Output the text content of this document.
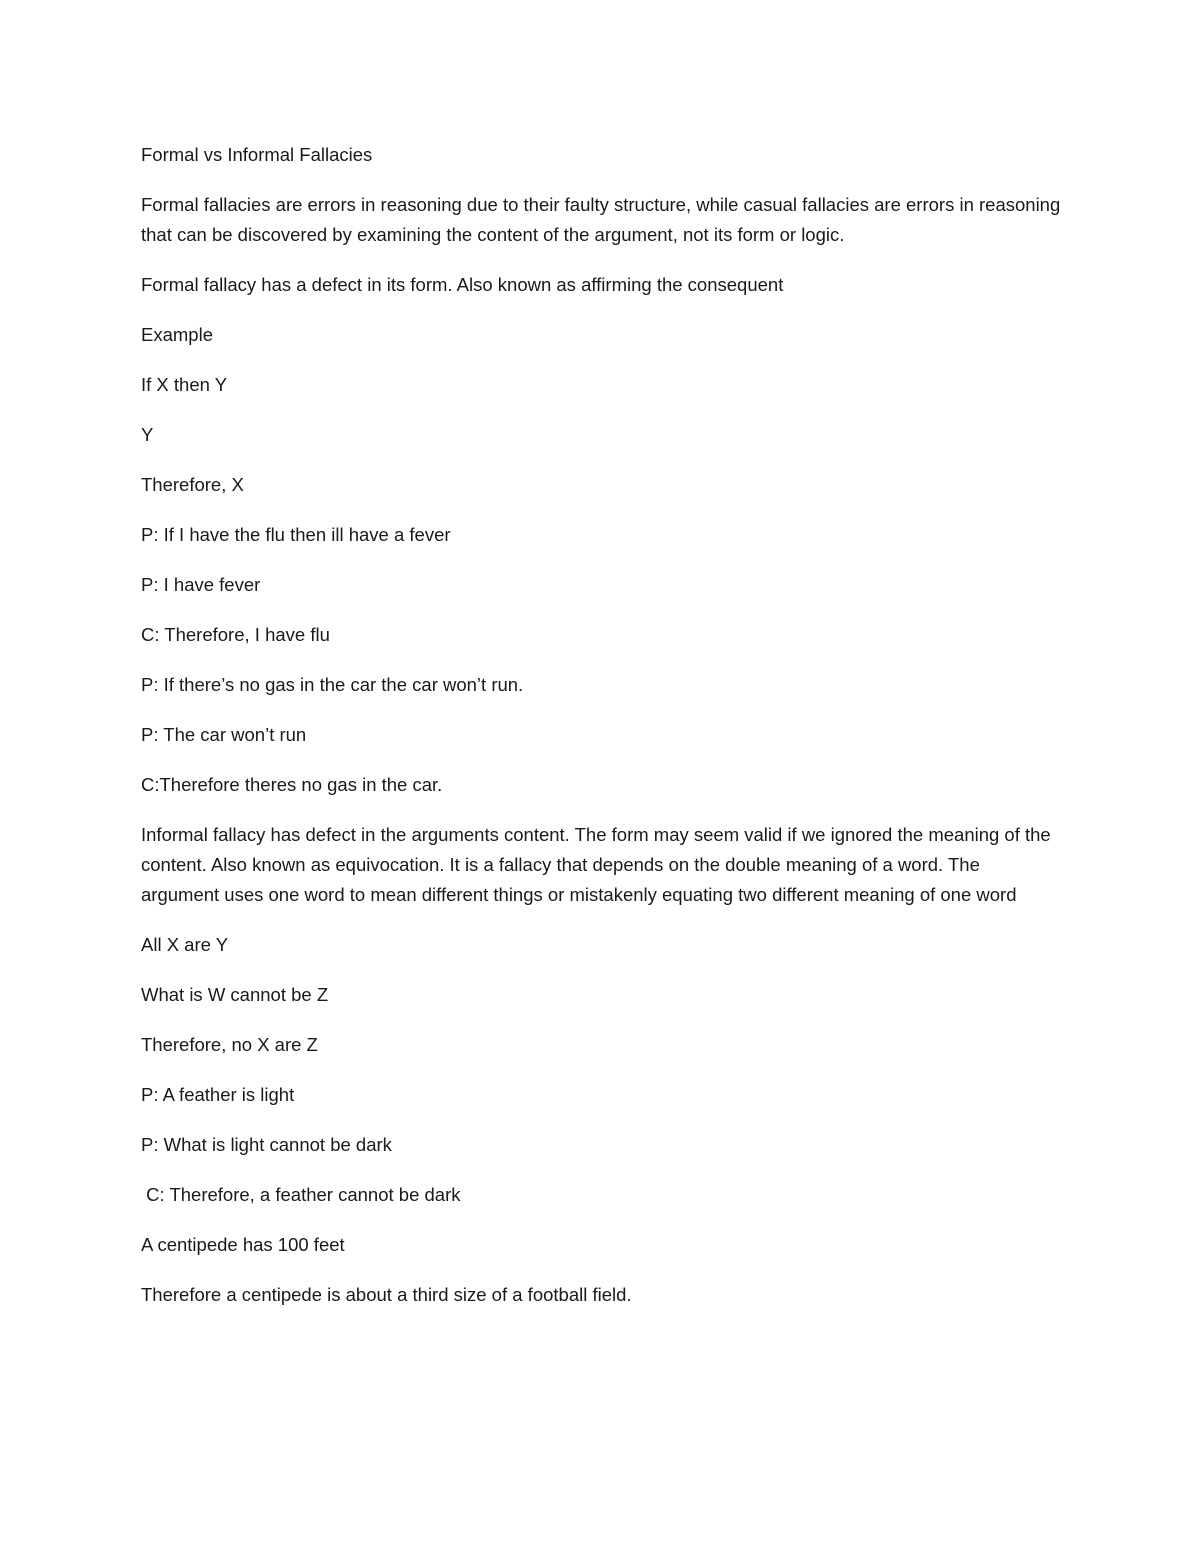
Formal vs Informal Fallacies

Formal fallacies are errors in reasoning due to their faulty structure, while casual fallacies are errors in reasoning that can be discovered by examining the content of the argument, not its form or logic.

Formal fallacy has a defect in its form. Also known as affirming the consequent

Example

If X then Y

Y

Therefore, X

P: If I have the flu then ill have a fever

P: I have fever

C: Therefore, I have flu

P: If there’s no gas in the car the car won’t run.

P: The car won’t run

C:Therefore theres no gas in the car.

Informal fallacy has defect in the arguments content. The form may seem valid if we ignored the meaning of the content. Also known as equivocation. It is a fallacy that depends on the double meaning of a word. The argument uses one word to mean different things or mistakenly equating two different meaning of one word

All X are Y

What is W cannot be Z

Therefore, no X are Z

P: A feather is light

P: What is light cannot be dark

C: Therefore, a feather cannot be dark

A centipede has 100 feet

Therefore a centipede is about a third size of a football field.
